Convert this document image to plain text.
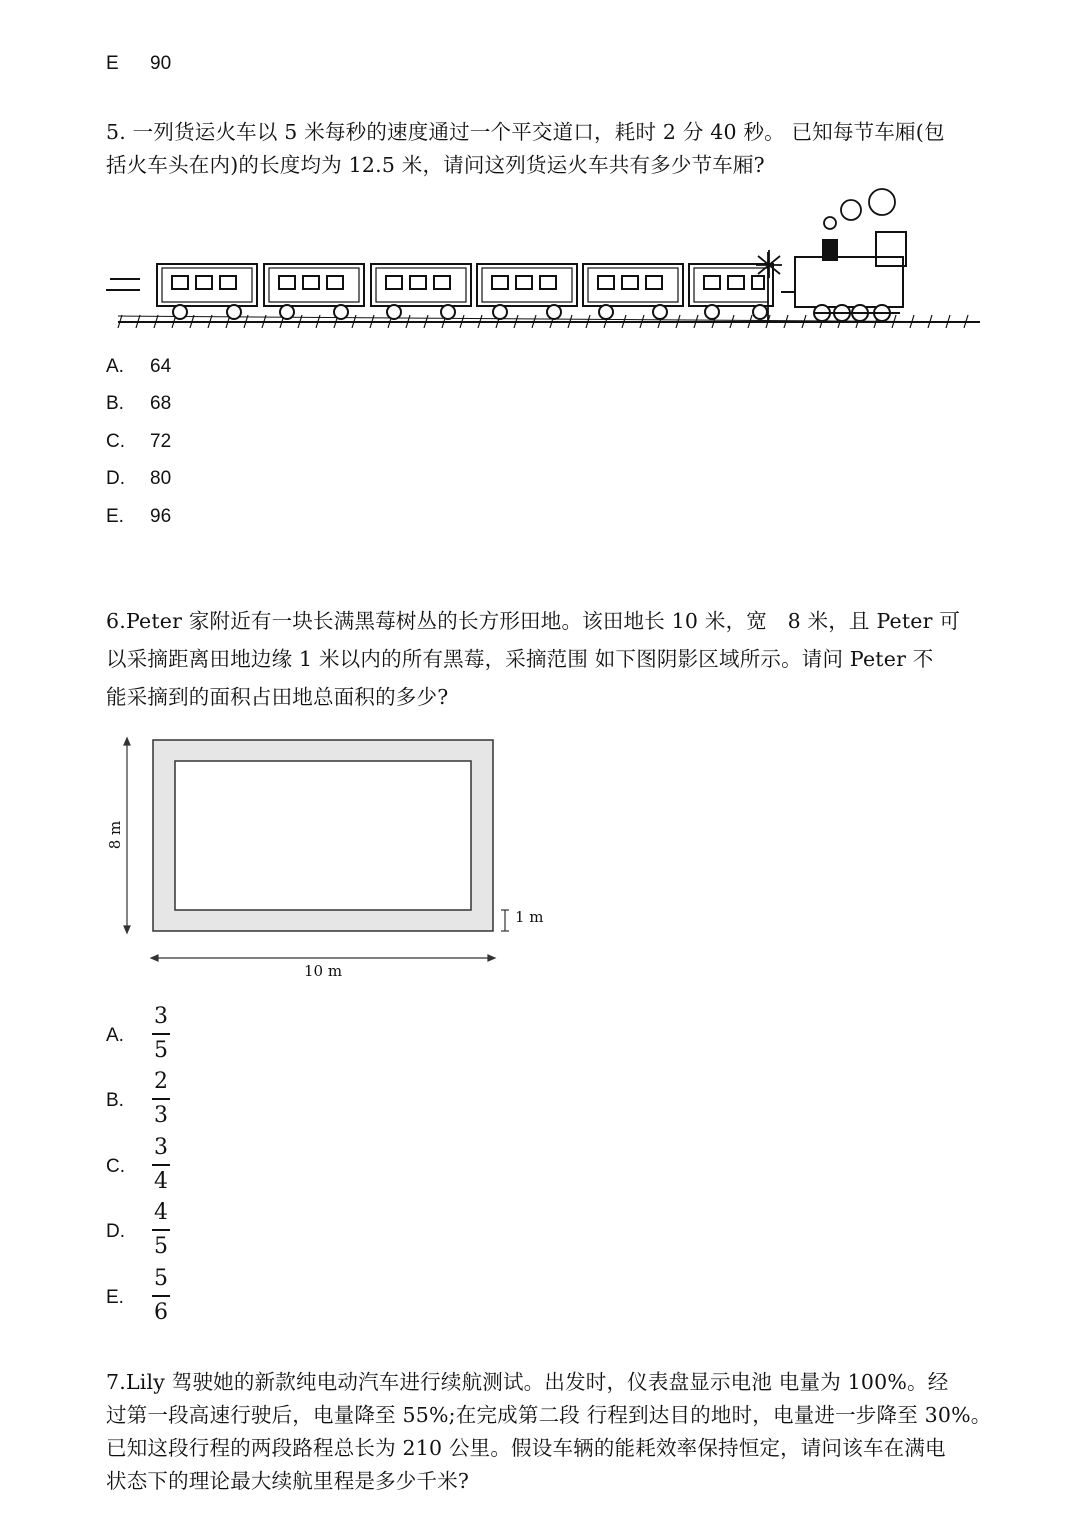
E 90
5. 一列货运火车以 5 米每秒的速度通过一个平交道口，耗时 2 分 40 秒。 已知每节车厢(包
括火车头在内)的长度均为 12.5 米，请问这列货运火车共有多少节车厢?
A. 64
B. 68
C. 72
D. 80
E. 96
6.Peter 家附近有一块长满黑莓树丛的长方形田地。该田地长 10 米，宽　8 米，且 Peter 可
以采摘距离田地边缘 1 米以内的所有黑莓，采摘范围 如下图阴影区域所示。请问 Peter 不
能采摘到的面积占田地总面积的多少?
8 m
1 m
10 m
A.
3
5
B.
2
3
C.
3
4
D.
4
5
E.
5
6
7.Lily 驾驶她的新款纯电动汽车进行续航测试。出发时，仪表盘显示电池 电量为 100%。经
过第一段高速行驶后，电量降至 55%;在完成第二段 行程到达目的地时，电量进一步降至 30%。
已知这段行程的两段路程总长为 210 公里。假设车辆的能耗效率保持恒定，请问该车在满电
状态下的理论最大续航里程是多少千米?
